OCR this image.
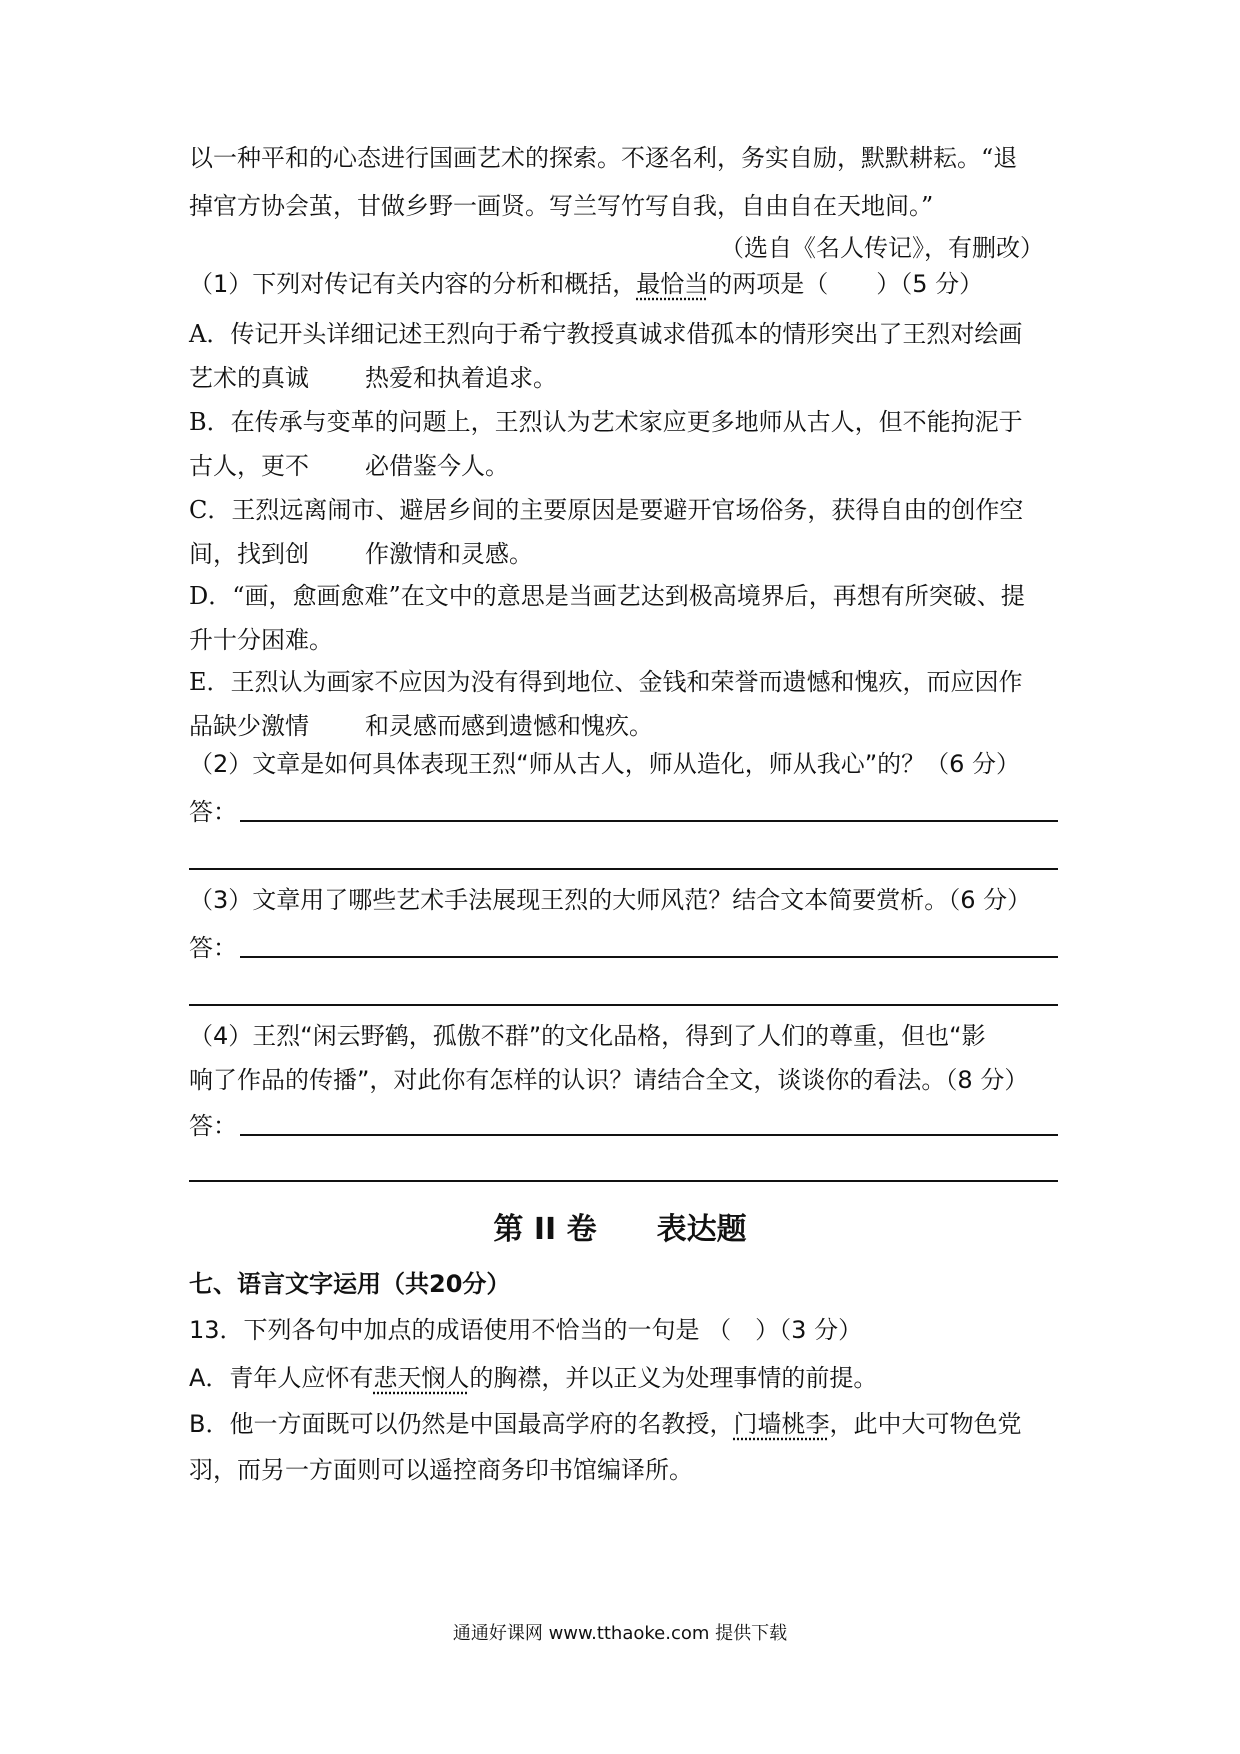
以一种平和的心态进行国画艺术的探索。不逐名利，务实自励，默默耕耘。“退
掉官方协会茧，甘做乡野一画贤。写兰写竹写自我，自由自在天地间。”
（选自《名人传记》，有删改）
（1）下列对传记有关内容的分析和概括，最恰当的两项是（　　）（5 分）
A．传记开头详细记述王烈向于希宁教授真诚求借孤本的情形突出了王烈对绘画
艺术的真诚 热爱和执着追求。
B．在传承与变革的问题上，王烈认为艺术家应更多地师从古人，但不能拘泥于
古人，更不 必借鉴今人。
C．王烈远离闹市、避居乡间的主要原因是要避开官场俗务，获得自由的创作空
间，找到创 作激情和灵感。
D．“画，愈画愈难”在文中的意思是当画艺达到极高境界后，再想有所突破、提
升十分困难。
E．王烈认为画家不应因为没有得到地位、金钱和荣誉而遗憾和愧疚，而应因作
品缺少激情 和灵感而感到遗憾和愧疚。
（2）文章是如何具体表现王烈“师从古人，师从造化，师从我心”的？（6 分）
答：
（3）文章用了哪些艺术手法展现王烈的大师风范？结合文本简要赏析。（6 分）
答：
（4）王烈“闲云野鹤，孤傲不群”的文化品格，得到了人们的尊重，但也“影
响了作品的传播”，对此你有怎样的认识？请结合全文，谈谈你的看法。（8 分）
答：
第 II 卷 表达题
七、语言文字运用（共20分）
13．下列各句中加点的成语使用不恰当的一句是 （　）（3 分）
A．青年人应怀有悲天悯人的胸襟，并以正义为处理事情的前提。
B．他一方面既可以仍然是中国最高学府的名教授，门墙桃李，此中大可物色党
羽，而另一方面则可以遥控商务印书馆编译所。
通通好课网 www.tthaoke.com 提供下载
